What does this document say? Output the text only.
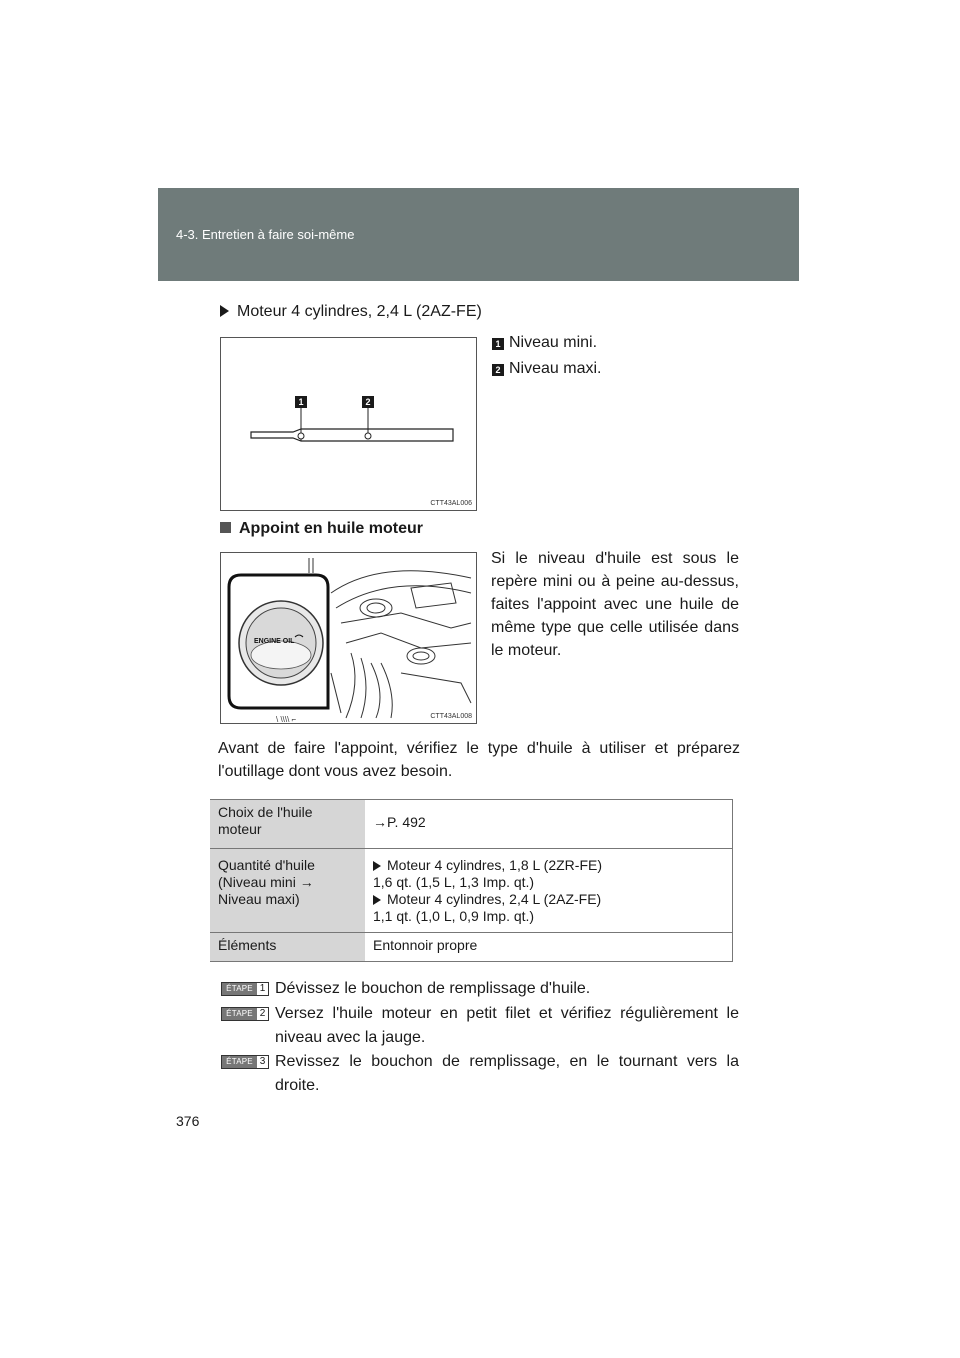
4-3. Entretien à faire soi-même
Moteur 4 cylindres, 2,4 L (2AZ-FE)
1	2
CTT43AL006
1 Niveau mini.
2 Niveau maxi.
Appoint en huile moteur
ENGINE OIL
\ \\\\ ⌐	CTT43AL008
Si le niveau d'huile est sous le repère mini ou à peine au-dessus, faites l'appoint avec une huile de même type que celle utilisée dans le moteur.
Avant de faire l'appoint, vérifiez le type d'huile à utiliser et préparez l'outillage dont vous avez besoin.
Choix de l'huile moteur	→P. 492
Quantité d'huile (Niveau mini → Niveau maxi)	Moteur 4 cylindres, 1,8 L (2ZR-FE)
1,6 qt. (1,5 L, 1,3 Imp. qt.)
Moteur 4 cylindres, 2,4 L (2AZ-FE)
1,1 qt. (1,0 L, 0,9 Imp. qt.)

Éléments	Entonnoir propre
ÉTAPE 1 Dévissez le bouchon de remplissage d'huile.
ÉTAPE 2 Versez l'huile moteur en petit filet et vérifiez régulièrement le niveau avec la jauge.
ÉTAPE 3 Revissez le bouchon de remplissage, en le tournant vers la droite.
376
